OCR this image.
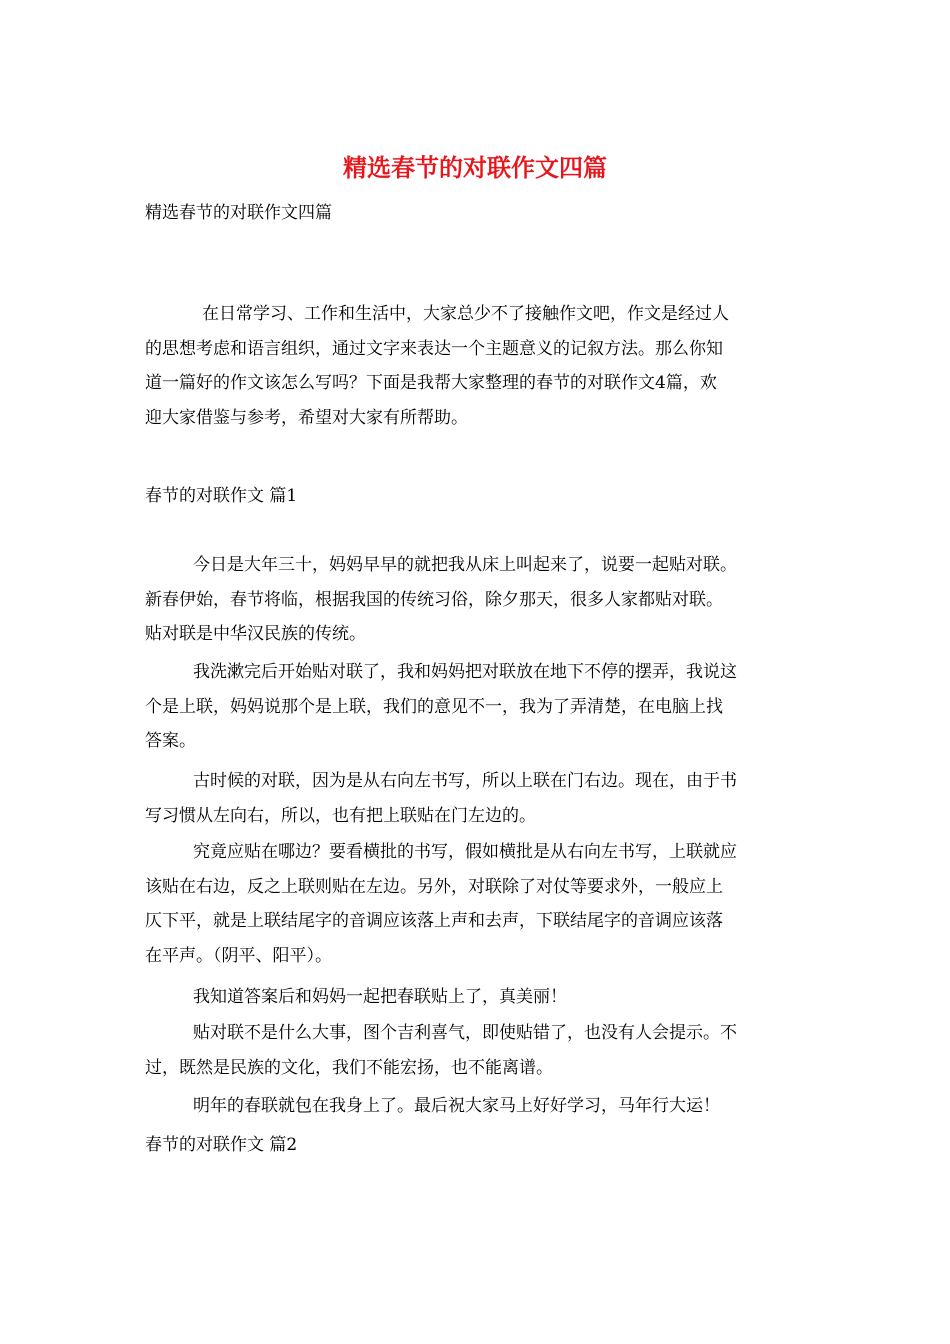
精选春节的对联作文四篇
精选春节的对联作文四篇
在日常学习、工作和生活中，大家总少不了接触作文吧，作文是经过人
的思想考虑和语言组织，通过文字来表达一个主题意义的记叙方法。那么你知
道一篇好的作文该怎么写吗？下面是我帮大家整理的春节的对联作文4篇，欢
迎大家借鉴与参考，希望对大家有所帮助。
春节的对联作文 篇1
今日是大年三十，妈妈早早的就把我从床上叫起来了，说要一起贴对联。
新春伊始，春节将临，根据我国的传统习俗，除夕那天，很多人家都贴对联。
贴对联是中华汉民族的传统。
我洗漱完后开始贴对联了，我和妈妈把对联放在地下不停的摆弄，我说这
个是上联，妈妈说那个是上联，我们的意见不一，我为了弄清楚，在电脑上找
答案。
古时候的对联，因为是从右向左书写，所以上联在门右边。现在，由于书
写习惯从左向右，所以，也有把上联贴在门左边的。
究竟应贴在哪边？要看横批的书写，假如横批是从右向左书写，上联就应
该贴在右边，反之上联则贴在左边。另外，对联除了对仗等要求外，一般应上
仄下平，就是上联结尾字的音调应该落上声和去声，下联结尾字的音调应该落
在平声。（阴平、阳平）。
我知道答案后和妈妈一起把春联贴上了，真美丽！
贴对联不是什么大事，图个吉利喜气，即使贴错了，也没有人会提示。不
过，既然是民族的文化，我们不能宏扬，也不能离谱。
明年的春联就包在我身上了。最后祝大家马上好好学习，马年行大运！
春节的对联作文 篇2
